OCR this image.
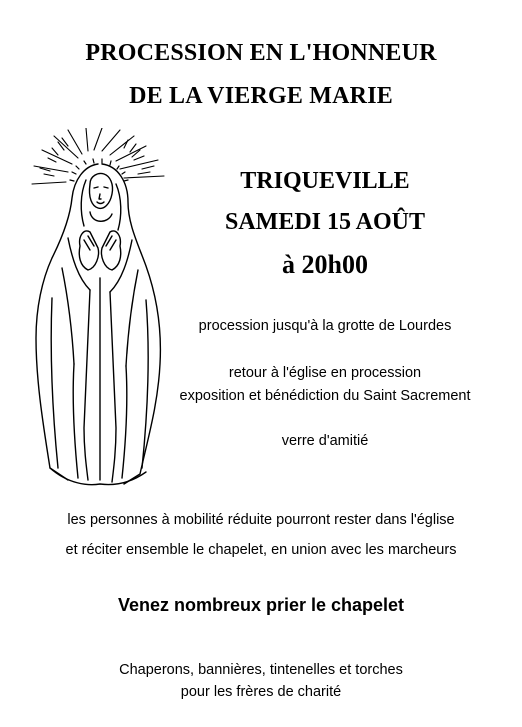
PROCESSION EN L'HONNEUR
DE LA VIERGE MARIE
TRIQUEVILLE
SAMEDI 15 AOÛT
à 20h00
procession jusqu'à la grotte de Lourdes
retour à l'église en procession
exposition et bénédiction du Saint Sacrement
verre d'amitié
les personnes à mobilité réduite pourront rester dans l'église
et réciter ensemble le chapelet, en union avec les marcheurs
Venez nombreux prier le chapelet
Chaperons, bannières, tintenelles et torches
pour les frères de charité
